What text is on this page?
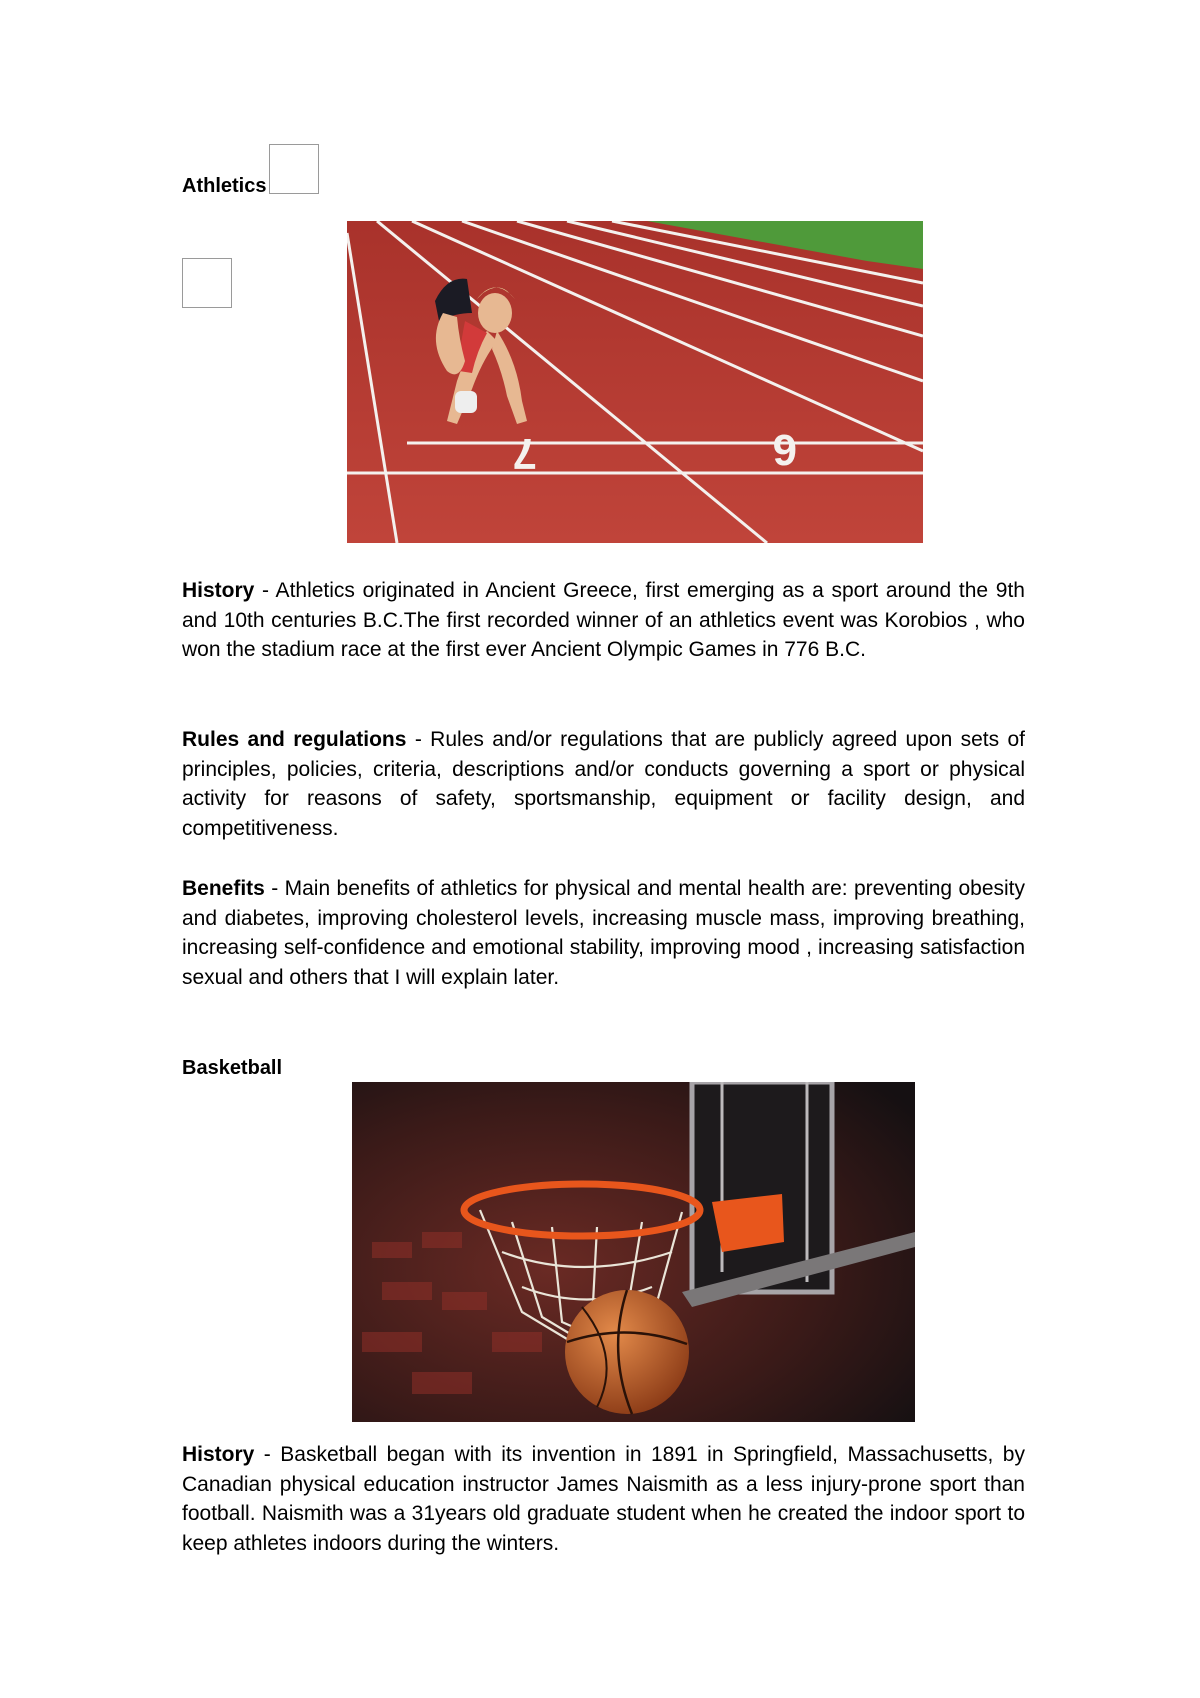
Athletics
7	6

History - Athletics originated in Ancient Greece, first emerging as a sport around the 9th and 10th centuries B.C.The first recorded winner of an athletics event was Korobios , who won the stadium race at the first ever Ancient Olympic Games in 776 B.C.

Rules and regulations - Rules and/or regulations that are publicly agreed upon sets of principles, policies, criteria, descriptions and/or conducts governing a sport or physical activity for reasons of safety, sportsmanship, equipment or facility design, and competitiveness.

Benefits - Main benefits of athletics for physical and mental health are: preventing obesity and diabetes, improving cholesterol levels, increasing muscle mass, improving breathing, increasing self-confidence and emotional stability, improving mood , increasing satisfaction sexual and others that I will explain later.

Basketball

History - Basketball began with its invention in 1891 in Springfield, Massachusetts, by Canadian physical education instructor James Naismith as a less injury-prone sport than football. Naismith was a 31years old graduate student when he created the indoor sport to keep athletes indoors during the winters.
